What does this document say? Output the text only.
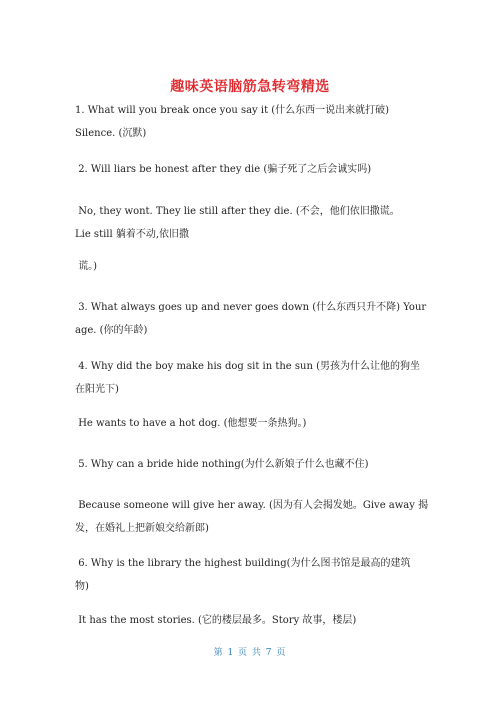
趣味英语脑筋急转弯精选
1. What will you break once you say it (什么东西一说出来就打破)
Silence. (沉默)
2. Will liars be honest after they die (骗子死了之后会诚实吗)
No, they wont. They lie still after they die. (不会，他们依旧撒谎。
Lie still 躺着不动,依旧撒
谎。)
3. What always goes up and never goes down (什么东西只升不降) Your
age. (你的年龄)
4. Why did the boy make his dog sit in the sun (男孩为什么让他的狗坐
在阳光下)
He wants to have a hot dog. (他想要一条热狗。)
5. Why can a bride hide nothing(为什么新娘子什么也藏不住)
Because someone will give her away. (因为有人会揭发她。Give away 揭
发，在婚礼上把新娘交给新郎)
6. Why is the library the highest building(为什么图书馆是最高的建筑
物)
It has the most stories. (它的楼层最多。Story 故事，楼层)
第 1 页 共 7 页
